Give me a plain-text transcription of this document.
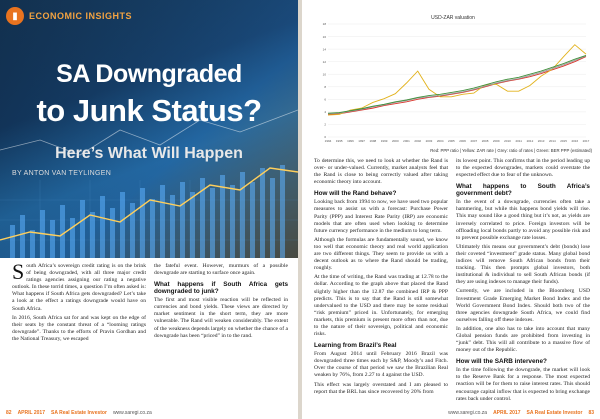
▮	ECONOMIC INSIGHTS
SA Downgraded
to Junk Status?
Here’s What Will Happen
BY ANTON VAN TEYLINGEN

South Africa’s sovereign credit rating is on the brink of being downgraded, with all three major credit ratings agencies assigning our rating a negative outlook. In these torrid times, a question I’m often asked is: What happens if South Africa gets downgraded? Let’s take a look at the effect a ratings downgrade would have on South Africa.

In 2016, South Africa sat for and was kept on the edge of their seats by the constant threat of a “looming ratings downgrade”. Thanks to the efforts of Pravin Gordhan and the National Treasury, we escaped

the fateful event. However, murmurs of a possible downgrade are starting to surface once again.

What happens if South Africa gets downgraded to junk?

The first and most visible reaction will be reflected in currencies and bond yields. These views are directed by market sentiment in the short term, they are more vulnerable. The Rand will weaken considerably. The extent of the weakness depends largely on whether the chance of a downgrade has been “priced” in to the rand.

82 APRIL 2017 SA Real Estate Investor www.saregi.co.za
USD-ZAR valuation
1994 1995 1996 1997 1998 1999 2000 2001 2002 2003 2004 2005 2006 2007 2008 2009 2010 2011 2012 2013 2014 2015 2016 2017
0
2
4
6
8
10
12
14
16
18
Red: PPP ratio | Yellow: ZAR rate | Grey: ratio of rates | Green: BER PPP (estimated)

To determine this, we need to look at whether the Rand is over- or under-valued. Currently, market analysts feel that the Rand is close to being correctly valued after taking economic theory into account.

How will the Rand behave?

Looking back from 1994 to now, we have used two popular measures to assist us with a forecast: Purchase Power Parity (PPP) and Interest Rate Parity (IRP) are economic models that are often used when looking to determine future currency performance in the medium to long term.

Although the formulas are fundamentally sound, we know too well that economic theory and real world application are two different things. They seem to provide us with a decent outlook as to where the Rand should be trading, roughly.

At the time of writing, the Rand was trading at 12.78 to the dollar. According to the graph above that placed the Rand slightly higher than the 12.87 the combined IRP & PPP predicts. This is to say that the Rand is still somewhat undervalued to the USD and there may be some residual “risk premium” priced in. Unfortunately, for emerging markets, this premium is present more often than not, due to the nature of their sovereign, political and economic risks.

Learning from Brazil’s Real

From August 2014 until February 2016 Brazil was downgraded three times each by S&P, Moody’s and Fitch. Over the course of that period we saw the Brazilian Real weaken by 76%, from 2.27 to 4 against the USD.

This effect was largely overstated and I am pleased to report that the BRL has since recovered by 20% from

its lowest point. This confirms that in the period leading up to the expected downgrades, markets could overstate the expected effect due to fear of the unknown.

What happens to South Africa’s government debt?

In the event of a downgrade, currencies often take a hammering, but while this happens bond yields will rise. This may sound like a good thing but it’s not, as yields are inversely correlated to price. Foreign investors will be offloading local bonds partly to avoid any possible risk and to prevent possible exchange rate losses.

Ultimately this means our government’s debt (bonds) lose their coveted “investment” grade status. Many global bond indices will remove South African bonds from their tracking. This then prompts global investors, both institutional & individual to sell South African bonds (if they are using indexes to manage their funds).

Currently, we are included in the Bloomberg USD Investment Grade Emerging Market Bond Index and the World Government Bond Index. Should both two of the three agencies downgrade South Africa, we could find ourselves falling off these indexes.

In addition, one also has to take into account that many Global pension funds are prohibited from investing in “junk” debt. This will all contribute to a massive flow of money out of the Republic.

How will the SARB intervene?

In the time following the downgrade, the market will look to the Reserve Bank for a response. The most expected reaction will be for them to raise interest rates. This should encourage capital inflow that is expected to bring exchange rates back under control.

www.saregi.co.za APRIL 2017 SA Real Estate Investor 83
